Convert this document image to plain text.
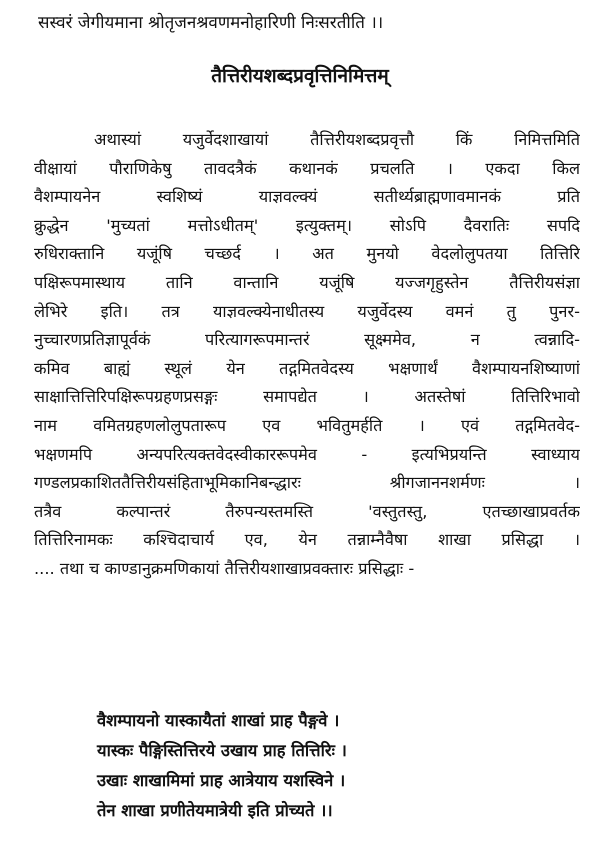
सस्वरं जेगीयमाना श्रोतृजनश्रवणमनोहारिणी निःसरतीति ।।
तैत्तिरीयशब्दप्रवृत्तिनिमित्तम्
अथास्यां यजुर्वेदशाखायां तैत्तिरीयशब्दप्रवृत्तौ किं निमित्तमिति
वीक्षायां पौराणिकेषु तावदत्रैकं कथानकं प्रचलति । एकदा किल
वैशम्पायनेन स्वशिष्यं याज्ञवल्क्यं सतीर्थ्यब्राह्मणावमानकं प्रति
क्रुद्धेन 'मुच्यतां मत्तोऽधीतम्' इत्युक्तम्। सोऽपि दैवरातिः सपदि
रुधिराक्तानि यजूंषि चच्छर्द । अत मुनयो वेदलोलुपतया तित्तिरि
पक्षिरूपमास्थाय तानि वान्तानि यजूंषि यज्जगृहुस्तेन तैत्तिरीयसंज्ञा
लेभिरे इति। तत्र याज्ञवल्क्येनाधीतस्य यजुर्वेदस्य वमनं तु पुनर-
नुच्चारणप्रतिज्ञापूर्वकं परित्यागरूपमान्तरं सूक्ष्ममेव, न त्वन्नादि-
कमिव बाह्यं स्थूलं येन तद्गमितवेदस्य भक्षणार्थं वैशम्पायनशिष्याणां
साक्षात्तित्तिरिपक्षिरूपग्रहणप्रसङ्गः समापद्येत । अतस्तेषां तित्तिरिभावो
नाम वमितग्रहणलोलुपतारूप एव भवितुमर्हति । एवं तद्गमितवेद-
भक्षणमपि अन्यपरित्यक्तवेदस्वीकाररूपमेव - इत्यभिप्रयन्ति स्वाध्याय
गण्डलप्रकाशिततैत्तिरीयसंहिताभूमिकानिबन्द्धारः श्रीगजाननशर्मणः ।
तत्रैव कल्पान्तरं तैरुपन्यस्तमस्ति 'वस्तुतस्तु, एतच्छाखाप्रवर्तक
तित्तिरिनामकः कश्चिदाचार्य एव, येन तन्नाम्नैवैषा शाखा प्रसिद्धा ।
.... तथा च काण्डानुक्रमणिकायां तैत्तिरीयशाखाप्रवक्तारः प्रसिद्धाः -
वैशम्पायनो यास्कायैतां शाखां प्राह पैङ्गवे ।
यास्कः पैङ्गिस्तित्तिरये उखाय प्राह तित्तिरिः ।
उखाः शाखामिमां प्राह आत्रेयाय यशस्विने ।
तेन शाखा प्रणीतेयमात्रेयी इति प्रोच्यते ।।
